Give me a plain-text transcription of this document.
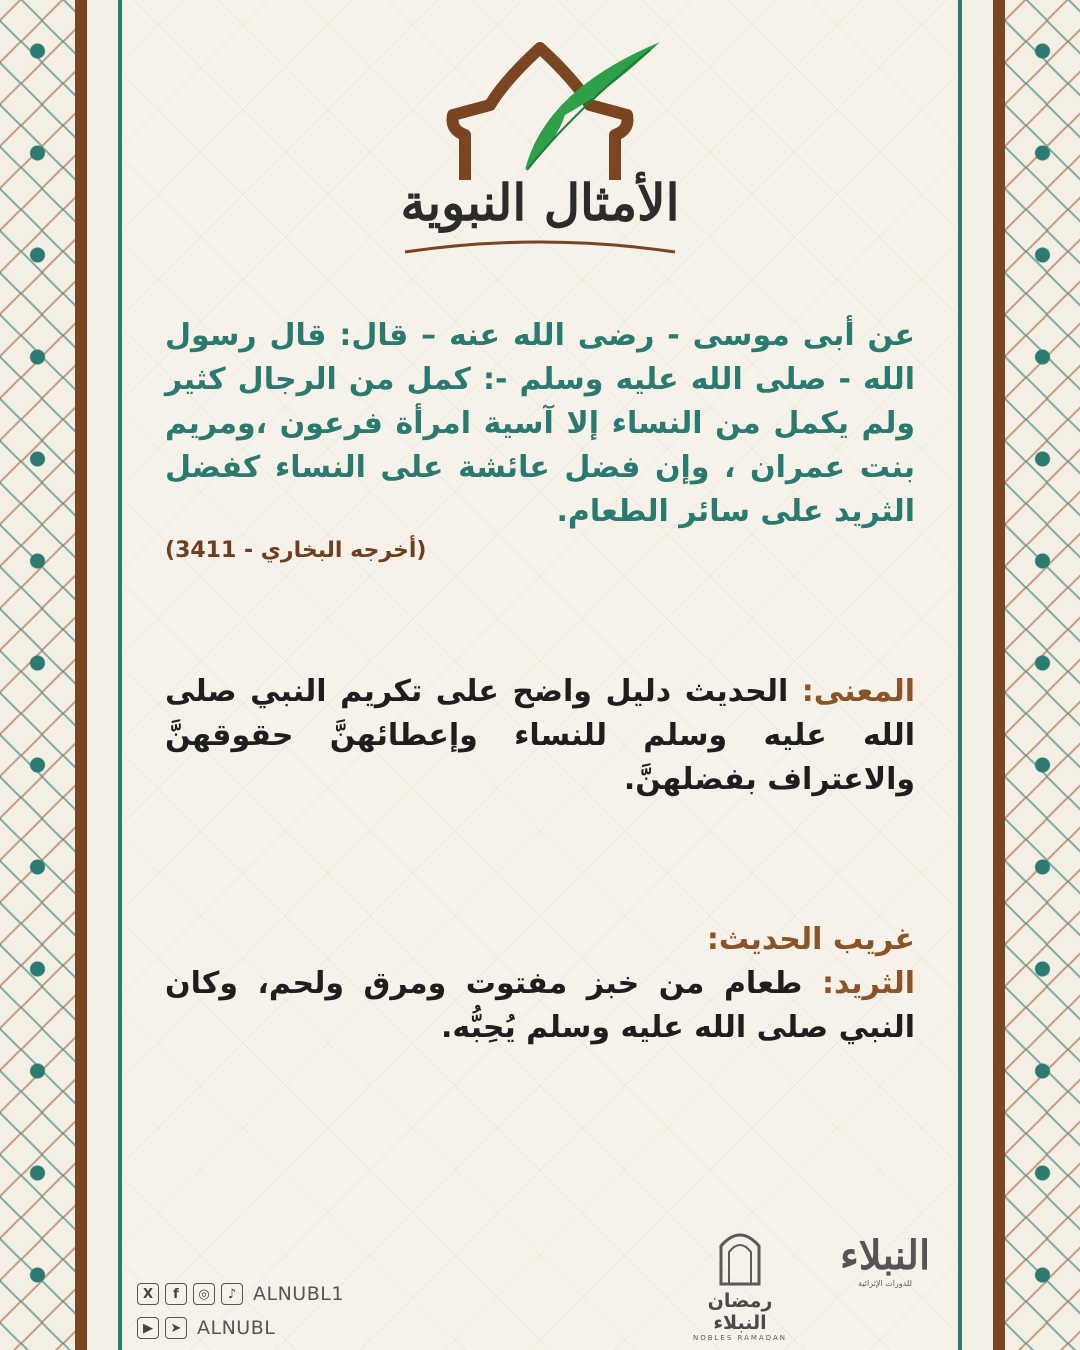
الأمثال النبوية
عن أبى موسى - رضى الله عنه – قال: قال رسول الله - صلى الله عليه وسلم -: كمل من الرجال كثير ولم يكمل من النساء إلا آسية امرأة فرعون ،ومريم بنت عمران ، وإن فضل عائشة على النساء كفضل الثريد على سائر الطعام.
(أخرجه البخاري - 3411)
المعنى: الحديث دليل واضح على تكريم النبي صلى الله عليه وسلم للنساء وإعطائهنَّ حقوقهنَّ والاعتراف بفضلهنَّ.
غريب الحديث:
الثريد: طعام من خبز مفتوت ومرق ولحم، وكان النبي صلى الله عليه وسلم يُحِبُّه.
X	f	◎	♪ ALNUBL1
▶	➤ ALNUBL
رمضان النبلاء
NOBLES RAMADAN
النبلاء
للدورات الإثرائية
